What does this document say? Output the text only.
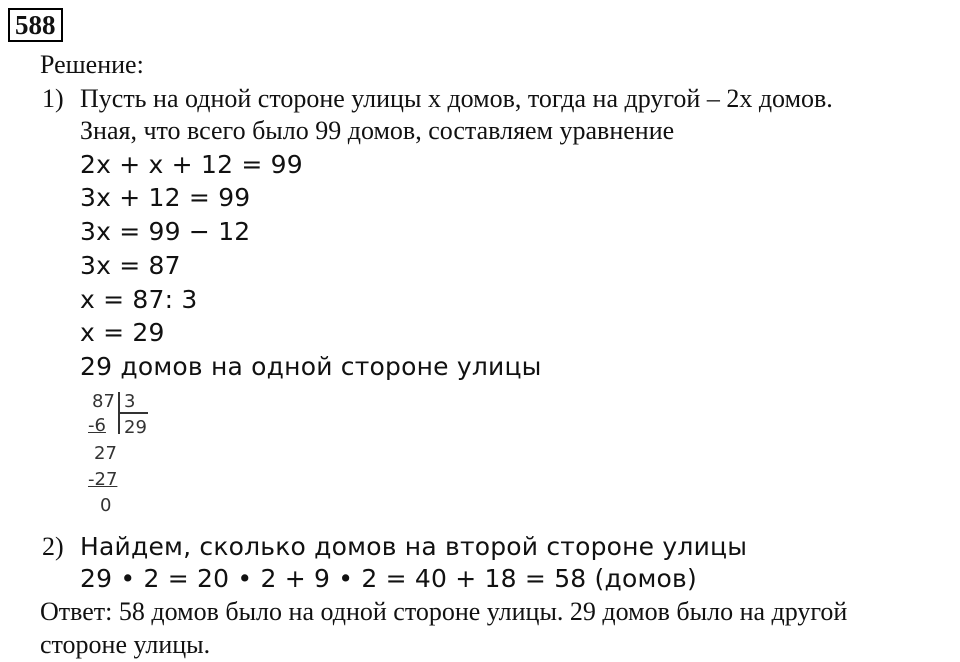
588
Решение:
1) Пусть на одной стороне улицы x домов, тогда на другой – 2x домов.
Зная, что всего было 99 домов, составляем уравнение
2x + x + 12 = 99
3x + 12 = 99
3x = 99 − 12
3x = 87
x = 87: 3
x = 29
29 домов на одной стороне улицы
87 3
-6 29
27
-27
0
2) Найдем, сколько домов на второй стороне улицы
29 • 2 = 20 • 2 + 9 • 2 = 40 + 18 = 58 (домов)
Ответ: 58 домов было на одной стороне улицы. 29 домов было на другой
стороне улицы.
